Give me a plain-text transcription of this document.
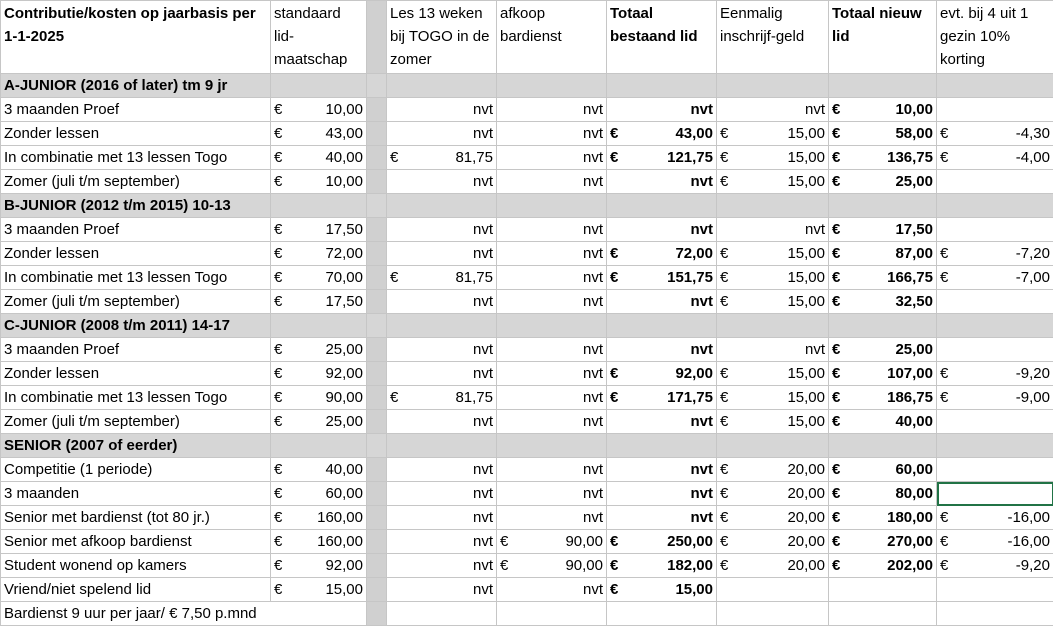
Contributie/kosten op jaarbasis per 1-1-2025	standaard lid-maatschap		Les 13 weken bij TOGO in de zomer	afkoop bardienst	Totaal bestaand lid	Eenmalig inschrijf-geld	Totaal nieuw lid	evt. bij 4 uit 1 gezin 10% korting
A-JUNIOR (2016 of later) tm 9 jr								
3 maanden Proef	€ 10,00		nvt	nvt	nvt	nvt	€ 10,00	

Zonder lessen	€ 43,00		nvt	nvt	€ 43,00	€ 15,00	€ 58,00	€ -4,30

In combinatie met 13 lessen Togo	€ 40,00		€ 81,75	nvt	€ 121,75	€ 15,00	€ 136,75	€ -4,00

Zomer (juli t/m september)	€ 10,00		nvt	nvt	nvt	€ 15,00	€ 25,00	

B-JUNIOR (2012 t/m 2015) 10-13								
3 maanden Proef	€ 17,50		nvt	nvt	nvt	nvt	€ 17,50	

Zonder lessen	€ 72,00		nvt	nvt	€ 72,00	€ 15,00	€ 87,00	€ -7,20

In combinatie met 13 lessen Togo	€ 70,00		€ 81,75	nvt	€ 151,75	€ 15,00	€ 166,75	€ -7,00

Zomer (juli t/m september)	€ 17,50		nvt	nvt	nvt	€ 15,00	€ 32,50	

C-JUNIOR (2008 t/m 2011) 14-17								
3 maanden Proef	€ 25,00		nvt	nvt	nvt	nvt	€ 25,00	

Zonder lessen	€ 92,00		nvt	nvt	€ 92,00	€ 15,00	€ 107,00	€ -9,20

In combinatie met 13 lessen Togo	€ 90,00		€ 81,75	nvt	€ 171,75	€ 15,00	€ 186,75	€ -9,00

Zomer (juli t/m september)	€ 25,00		nvt	nvt	nvt	€ 15,00	€ 40,00	

SENIOR (2007 of eerder)								
Competitie (1 periode)	€ 40,00		nvt	nvt	nvt	€ 20,00	€ 60,00	

3 maanden	€ 60,00		nvt	nvt	nvt	€ 20,00	€ 80,00	

Senior met bardienst (tot 80 jr.)	€ 160,00		nvt	nvt	nvt	€ 20,00	€ 180,00	€ -16,00

Senior met afkoop bardienst	€ 160,00		nvt	€ 90,00	€ 250,00	€ 20,00	€ 270,00	€ -16,00

Student wonend op kamers	€ 92,00		nvt	€ 90,00	€ 182,00	€ 20,00	€ 202,00	€ -9,20

Vriend/niet spelend lid	€ 15,00		nvt	nvt	€ 15,00			

Bardienst 9 uur per jaar/ € 7,50 p.mnd								
